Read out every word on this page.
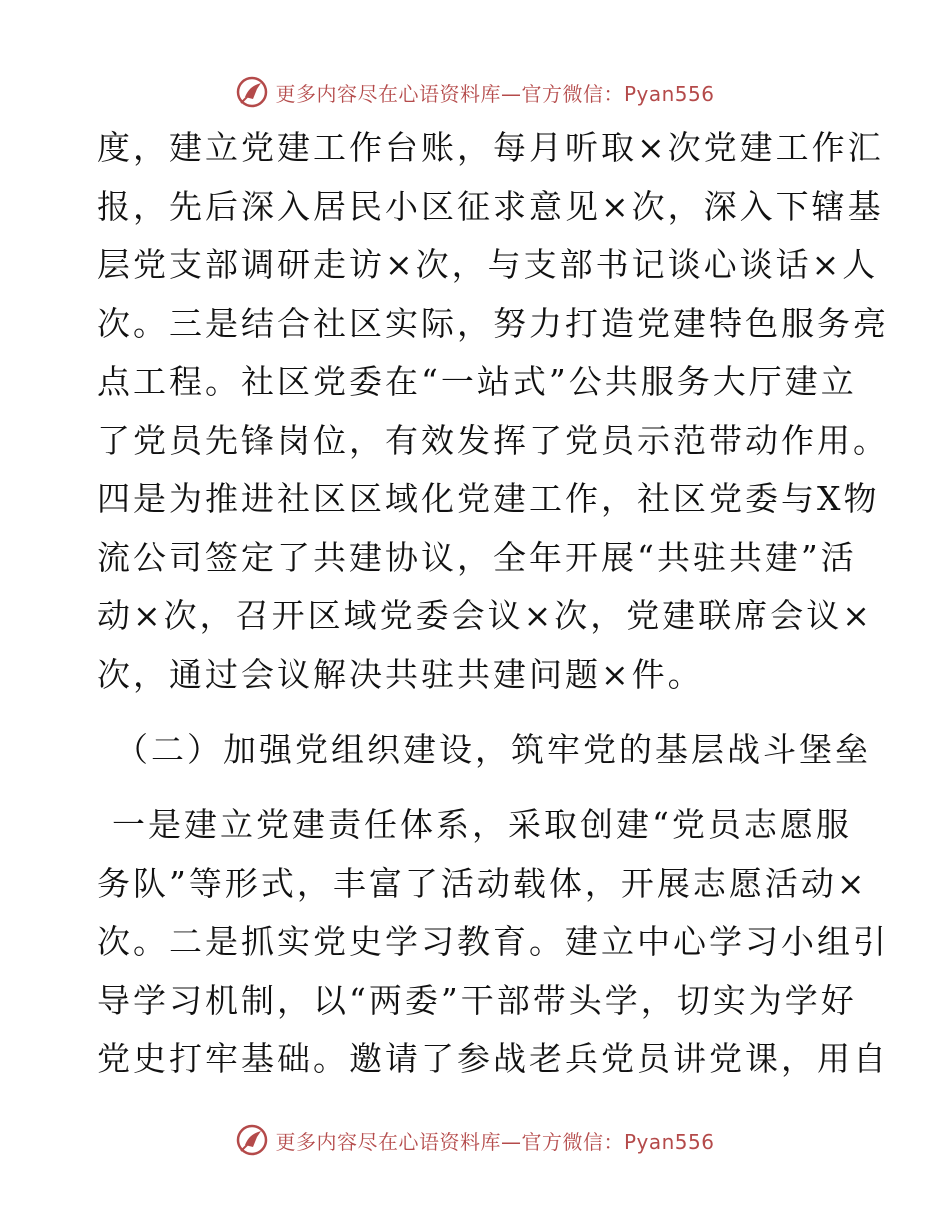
更多内容尽在心语资料库—官方微信：Pyan556
度，建立党建工作台账，每月听取×次党建工作汇
报，先后深入居民小区征求意见×次，深入下辖基
层党支部调研走访×次，与支部书记谈心谈话×人
次。三是结合社区实际，努力打造党建特色服务亮
点工程。社区党委在“一站式”公共服务大厅建立
了党员先锋岗位，有效发挥了党员示范带动作用。
四是为推进社区区域化党建工作，社区党委与X物
流公司签定了共建协议，全年开展“共驻共建”活
动×次，召开区域党委会议×次，党建联席会议×
次，通过会议解决共驻共建问题×件。
（二）加强党组织建设，筑牢党的基层战斗堡垒
一是建立党建责任体系，采取创建“党员志愿服
务队”等形式，丰富了活动载体，开展志愿活动×
次。二是抓实党史学习教育。建立中心学习小组引
导学习机制，以“两委”干部带头学，切实为学好
党史打牢基础。邀请了参战老兵党员讲党课，用自
更多内容尽在心语资料库—官方微信：Pyan556
